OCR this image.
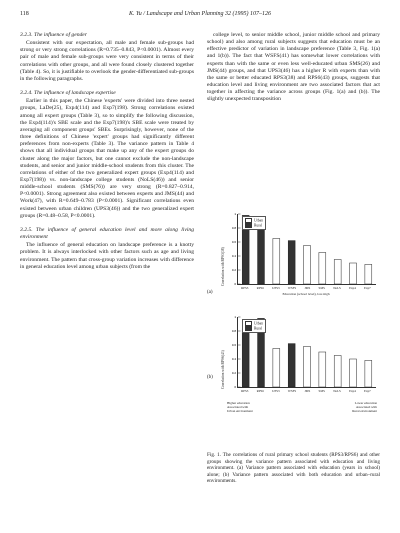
118	K. Yu / Landscape and Urban Planning 32 (1995) 107–126

3.2.3. The influence of gender

Consistent with our expectation, all male and female sub-groups had strong or very strong correlations (R=0.735–0.843, P<0.0001). Almost every pair of male and female sub-groups were very consistent in terms of their correlations with other groups, and all were found closely clustered together (Table 4). So, it is justifiable to overlook the gender-differentiated sub-groups in the following paragraphs.

3.2.4. The influence of landscape expertise

Earlier in this paper, the Chinese 'experts' were divided into three nested groups, LaDe(25), Exp4(114) and Exp7(198). Strong correlations existed among all expert groups (Table 3), so to simplify the following discussion, the Exp4(114)'s SBE scale and the Exp7(198)'s SBE scale were treated by averaging all component groups' SBEs. Surprisingly, however, none of the three definitions of Chinese 'expert' groups had significantly different preferences from non-experts (Table 3). The variance pattern in Table 4 shows that all individual groups that make up any of the expert groups do cluster along the major factors, but one cannot exclude the non-landscape students, and senior and junior middle-school students from this cluster. The correlations of either of the two generalized expert groups (Exp4(114) and Exp7(198)) vs. non-landscape college students (NoLS(46)) and senior middle-school students (SMS(76)) are very strong (R=0.827–0.914, P<0.0001). Strong agreement also existed between experts and JMS(44) and Work(47), with R=0.649–0.783 (P<0.0001). Significant correlations even existed between urban children (UPS3(46)) and the two generalized expert groups (R=0.48–0.58, P<0.0001).

3.2.5. The influence of general education level and more along living environment

The influence of general education on landscape preference is a knotty problem. It is always interlocked with other factors such as age and living environment. The pattern that cross-group variation increases with difference in general education level among urban subjects (from the

college level, to senior middle school, junior middle school and primary school) and also among rural subjects suggests that education must be an effective predictor of variation in landscape preference (Table 3, Fig. 1(a) and 1(b)). The fact that WSFS(41) has somewhat lower correlations with experts than with the same or even less well-educated urban SMS(26) and JMS(44) groups, and that UPS3(46) has a higher R with experts than with the same or better educated RPS3(38) and RPS6(43) groups, suggests that education level and living environment are two associated factors that act together in affecting the variance across groups (Fig. 1(a) and (b)). The slightly unexpected transposition

(a)
Correlation with RPS3(38)	0
0.2
0.4
0.6
0.8
1
Urban
Rural
RPS3	RPS6	UPS3	WSFS	JMS	SMS	NoLS	Exp4	Exp7
Education (school level), low-high
(b) Correlation with RPS6(43)	0
0.2
0.4
0.6
0.8
1
Urban
Rural
RPS3	RPS6	UPS3	WSFS	JMS	SMS	NoLS	Exp4	Exp7
Higher education
Associated with
Urban environment
Lower education
Associated with
Rural environment
Fig. 1. The correlations of rural primary school students (RPS3/RPS6) and other groups showing the variance pattern associated with education and living environment. (a) Variance pattern associated with education (years in school) alone; (b) Variance pattern associated with both education and urban–rural environments.
